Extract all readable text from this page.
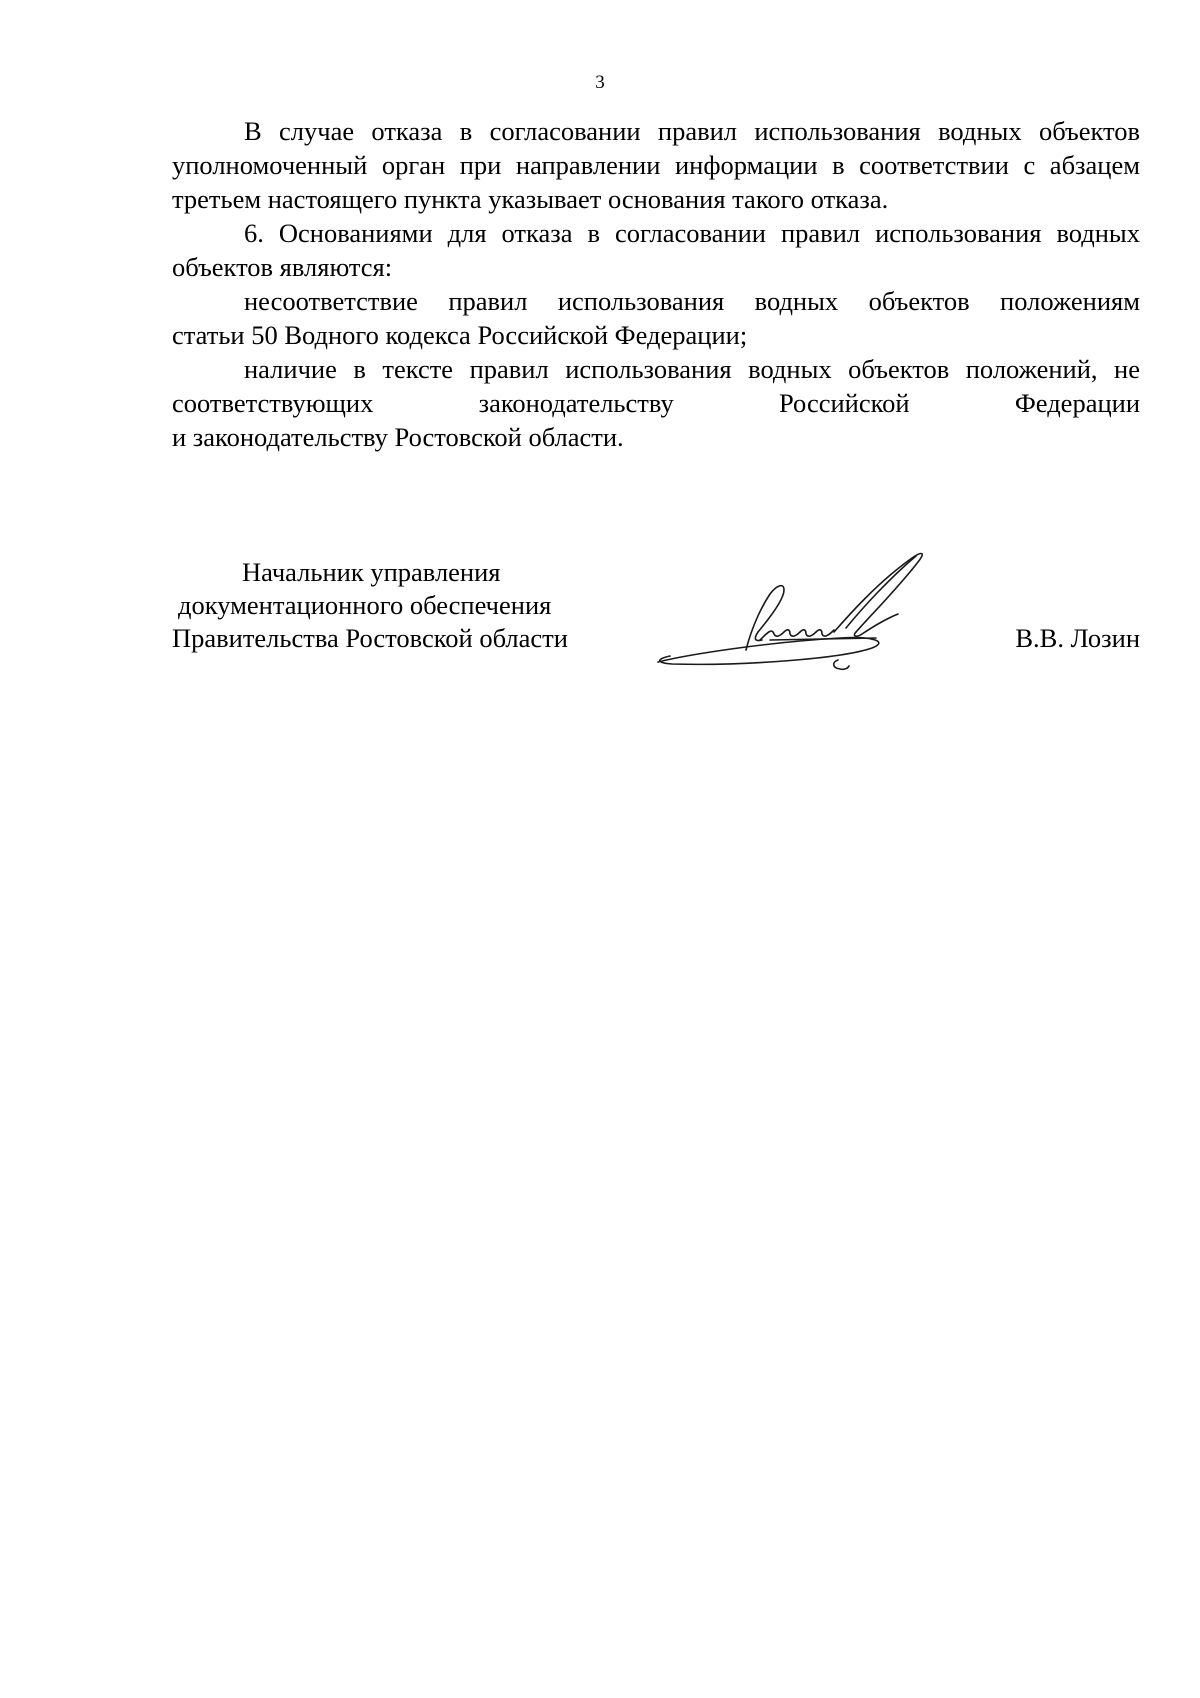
3

В случае отказа в согласовании правил использования водных объектов уполномоченный орган при направлении информации в соответствии с абзацем

третьем настоящего пункта указывает основания такого отказа.

6. Основаниями для отказа в согласовании правил использования водных

объектов являются:

несоответствие правил использования водных объектов положениям

статьи 50 Водного кодекса Российской Федерации;

наличие в тексте правил использования водных объектов положений, не соответствующих законодательству Российской Федерации

и законодательству Ростовской области.

Начальник управления
документационного обеспечения
Правительства Ростовской области	В.В. Лозин
